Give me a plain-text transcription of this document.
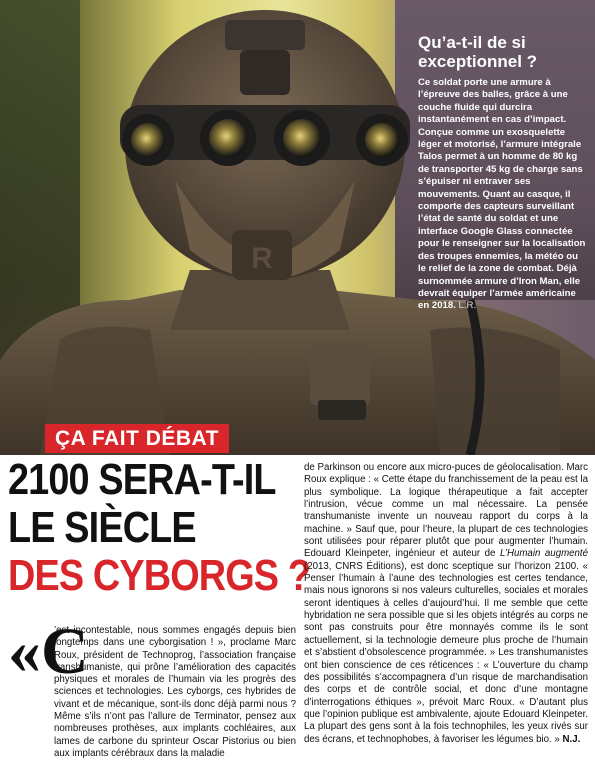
R
Qu’a-t-il de si exceptionnel ?

Ce soldat porte une armure à l’épreuve des balles, grâce à une couche fluide qui durcira instantanément en cas d’impact. Conçue comme un exosquelette léger et motorisé, l’armure intégrale Talos permet à un homme de 80 kg de transporter 45 kg de charge sans s’épuiser ni entraver ses mouvements. Quant au casque, il comporte des capteurs surveillant l’état de santé du soldat et une interface Google Glass connectée pour le renseigner sur la localisation des troupes ennemies, la météo ou le relief de la zone de combat. Déjà surnommée armure d’Iron Man, elle devrait équiper l’armée américaine en 2018. L.R.

ÇA FAIT DÉBAT
2100 SERA-T-IL
LE SIÈCLE
DES CYBORGS ?
«C

’est incontestable, nous sommes engagés depuis bien longtemps dans une cyborgisation ! », proclame Marc Roux, président de Technoprog, l’association française transhumaniste, qui prône l’amélioration des capacités physiques et morales de l’humain via les progrès des sciences et technologies. Les cyborgs, ces hybrides de vivant et de mécanique, sont-ils donc déjà parmi nous ? Même s’ils n’ont pas l’allure de Terminator, pensez aux nombreuses prothèses, aux implants cochléaires, aux lames de carbone du sprinteur Oscar Pistorius ou bien aux implants cérébraux dans la maladie

de Parkinson ou encore aux micro-puces de géolocalisation. Marc Roux explique : « Cette étape du franchissement de la peau est la plus symbolique. La logique thérapeutique a fait accepter l’intrusion, vécue comme un mal nécessaire. La pensée transhumaniste invente un nouveau rapport du corps à la machine. » Sauf que, pour l’heure, la plupart de ces technologies sont utilisées pour réparer plutôt que pour augmenter l’humain. Edouard Kleinpeter, ingénieur et auteur de L’Humain augmenté (2013, CNRS Éditions), est donc sceptique sur l’horizon 2100. « Penser l’humain à l’aune des technologies est certes tendance, mais nous ignorons si nos valeurs culturelles, sociales et morales seront identiques à celles d’aujourd’hui. Il me semble que cette hybridation ne sera possible que si les objets intégrés au corps ne sont pas construits pour être monnayés comme ils le sont actuellement, si la technologie demeure plus proche de l’humain et s’abstient d’obsolescence programmée. » Les transhumanistes ont bien conscience de ces réticences : « L’ouverture du champ des possibilités s’accompagnera d’un risque de marchandisation des corps et de contrôle social, et donc d’une montagne d’interrogations éthiques », prévoit Marc Roux. « D’autant plus que l’opinion publique est ambivalente, ajoute Edouard Kleinpeter. La plupart des gens sont à la fois technophiles, les yeux rivés sur des écrans, et technophobes, à favoriser les légumes bio. » N.J.
